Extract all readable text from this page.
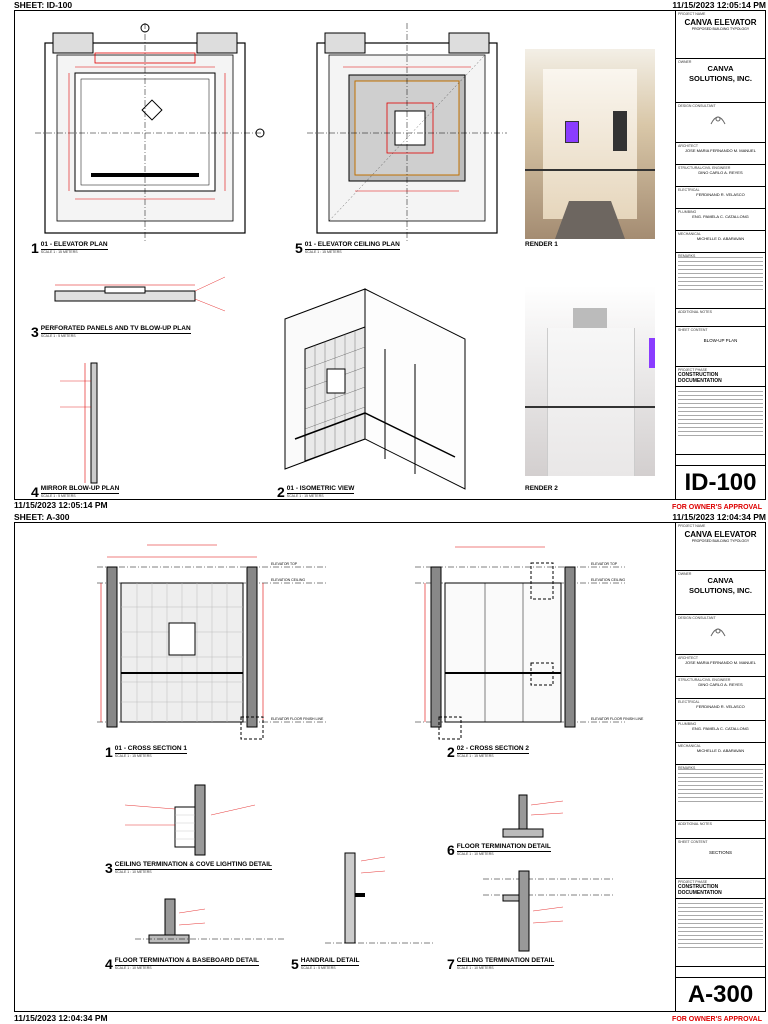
SHEET: ID-100	11/15/2023 12:05:14 PM
1 01 - ELEVATOR PLAN
SCALE 1 : 15 METERS	5 01 - ELEVATOR CEILING PLAN
SCALE 1 : 15 METERS
3 PERFORATED PANELS AND TV BLOW-UP PLAN
SCALE 1 : 5 METERS
4 MIRROR BLOW-UP PLAN
SCALE 1 : 5 METERS	2 01 - ISOMETRIC VIEW
SCALE 1 : 15 METERS
RENDER 1
RENDER 2
PROJECT NAME
CANVA ELEVATOR
PROPOSED BUILDING TYPOLOGY
OWNER
CANVA
SOLUTIONS, INC.
DESIGN CONSULTANT
ARCHITECT
JOSE MARIA FERNANDO M. MANUEL
STRUCTURAL/CIVIL ENGINEER
DINO CARLO A. REYES
ELECTRICAL
FERDINAND R. VELASCO
PLUMBING
ENG. PAMELA C. CATALLONG
MECHANICAL
MICHELLE D. ABARAVAN
REMARKS
ADDITIONAL NOTES
SHEET CONTENT
BLOW-UP PLAN
PROJECT PHASE
CONSTRUCTION DOCUMENTATION
ID-100
11/15/2023 12:05:14 PM	FOR OWNER'S APPROVAL
SHEET: A-300	11/15/2023 12:04:34 PM
ELEVATOR TOP
ELEVATION CEILING
ELEVATOR FLOOR FINISH LINE
ELEVATOR TOP
ELEVATION CEILING
ELEVATOR FLOOR FINISH LINE
1 01 - CROSS SECTION 1
SCALE 1 : 15 METERS	2 02 - CROSS SECTION 2
SCALE 1 : 15 METERS
3 CEILING TERMINATION & COVE LIGHTING DETAIL
SCALE 1 : 10 METERS
6 FLOOR TERMINATION DETAIL
SCALE 1 : 10 METERS
4 FLOOR TERMINATION & BASEBOARD DETAIL
SCALE 1 : 10 METERS	5 HANDRAIL DETAIL
SCALE 1 : 5 METERS	7 CEILING TERMINATION DETAIL
SCALE 1 : 10 METERS
PROJECT NAME
CANVA ELEVATOR
PROPOSED BUILDING TYPOLOGY
OWNER
CANVA
SOLUTIONS, INC.
DESIGN CONSULTANT
ARCHITECT
JOSE MARIA FERNANDO M. MANUEL
STRUCTURAL/CIVIL ENGINEER
DINO CARLO A. REYES
ELECTRICAL
FERDINAND R. VELASCO
PLUMBING
ENG. PAMELA C. CATALLONG
MECHANICAL
MICHELLE D. ABARAVAN
REMARKS
ADDITIONAL NOTES
SHEET CONTENT
SECTIONS
PROJECT PHASE
CONSTRUCTION DOCUMENTATION
A-300
11/15/2023 12:04:34 PM	FOR OWNER'S APPROVAL
